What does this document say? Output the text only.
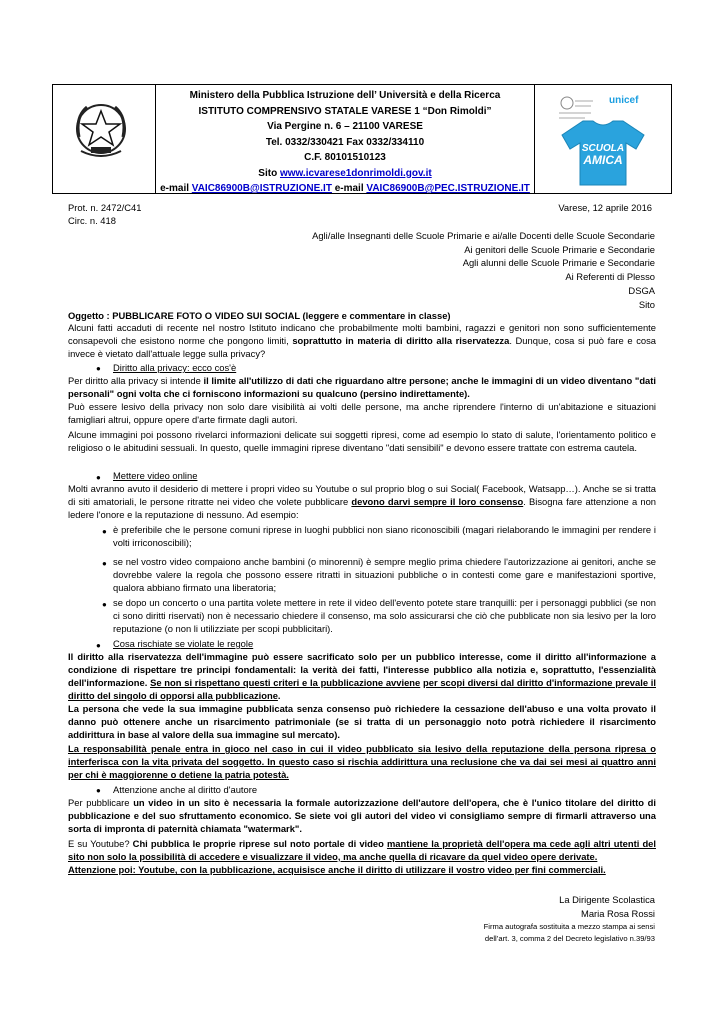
Ministero della Pubblica Istruzione dell’ Università e della Ricerca
ISTITUTO COMPRENSIVO STATALE VARESE 1 “Don Rimoldi”
Via Pergine n. 6 – 21100 VARESE
Tel. 0332/330421 Fax 0332/334110
C.F. 80101510123
Sito www.icvarese1donrimoldi.gov.it
e-mail VAIC86900B@ISTRUZIONE.IT e-mail VAIC86900B@PEC.ISTRUZIONE.IT
unicef
SCUOLA
AMICA
Prot. n. 2472/C41
Circ. n. 418
Varese, 12 aprile 2016
Agli/alle Insegnanti delle Scuole Primarie e ai/alle Docenti delle Scuole Secondarie
Ai genitori delle Scuole Primarie e Secondarie
Agli alunni delle Scuole Primarie e Secondarie
Ai Referenti di Plesso
DSGA
Sito
Oggetto : PUBBLICARE FOTO O VIDEO SUI SOCIAL (leggere e commentare in classe)
Alcuni fatti accaduti di recente nel nostro Istituto indicano che probabilmente molti bambini, ragazzi e genitori non sono sufficientemente consapevoli che esistono norme che pongono limiti, soprattutto in materia di diritto alla riservatezza. Dunque, cosa si può fare e cosa invece è vietato dall'attuale legge sulla privacy?
● Diritto alla privacy: ecco cos'è
Per diritto alla privacy si intende il limite all'utilizzo di dati che riguardano altre persone; anche le immagini di un video diventano "dati personali" ogni volta che ci forniscono informazioni su qualcuno (persino indirettamente).
Può essere lesivo della privacy non solo dare visibilità ai volti delle persone, ma anche riprendere l'interno di un'abitazione e situazioni famigliari altrui, oppure opere d'arte firmate dagli autori.
Alcune immagini poi possono rivelarci informazioni delicate sui soggetti ripresi, come ad esempio lo stato di salute, l'orientamento politico e religioso o le abitudini sessuali. In questo, quelle immagini riprese diventano "dati sensibili" e devono essere trattate con estrema cautela.
● Mettere video online
Molti avranno avuto il desiderio di mettere i propri video su Youtube o sul proprio blog o sui Social( Facebook, Watsapp…). Anche se si tratta di siti amatoriali, le persone ritratte nei video che volete pubblicare devono darvi sempre il loro consenso. Bisogna fare attenzione a non ledere l'onore e la reputazione di nessuno. Ad esempio:
● è preferibile che le persone comuni riprese in luoghi pubblici non siano riconoscibili (magari rielaborando le immagini per rendere i volti irriconoscibili);
● se nel vostro video compaiono anche bambini (o minorenni) è sempre meglio prima chiedere l'autorizzazione ai genitori, anche se dovrebbe valere la regola che possono essere ritratti in situazioni pubbliche o in contesti come gare e manifestazioni sportive, qualora abbiano firmato una liberatoria;
● se dopo un concerto o una partita volete mettere in rete il video dell'evento potete stare tranquilli: per i personaggi pubblici (se non ci sono diritti riservati) non è necessario chiedere il consenso, ma solo assicurarsi che ciò che pubblicate non sia lesivo per la loro reputazione (o non li utilizziate per scopi pubblicitari).
● Cosa rischiate se violate le regole
Il diritto alla riservatezza dell'immagine può essere sacrificato solo per un pubblico interesse, come il diritto all'informazione a condizione di rispettare tre principi fondamentali: la verità dei fatti, l'interesse pubblico alla notizia e, soprattutto, l'essenzialità dell'informazione. Se non si rispettano questi criteri e la pubblicazione avviene per scopi diversi dal diritto d'informazione prevale il diritto del singolo di opporsi alla pubblicazione.
La persona che vede la sua immagine pubblicata senza consenso può richiedere la cessazione dell'abuso e una volta provato il danno può ottenere anche un risarcimento patrimoniale (se si tratta di un personaggio noto potrà richiedere il risarcimento addirittura in base al valore della sua immagine sul mercato).
La responsabilità penale entra in gioco nel caso in cui il video pubblicato sia lesivo della reputazione della persona ripresa o interferisca con la vita privata del soggetto. In questo caso si rischia addirittura una reclusione che va dai sei mesi ai quattro anni per chi è maggiorenne o detiene la patria potestà.
● Attenzione anche al diritto d'autore
Per pubblicare un video in un sito è necessaria la formale autorizzazione dell'autore dell'opera, che è l'unico titolare del diritto di pubblicazione e del suo sfruttamento economico. Se siete voi gli autori del video vi consigliamo sempre di firmarli attraverso una sorta di impronta di paternità chiamata "watermark".
E su Youtube? Chi pubblica le proprie riprese sul noto portale di video mantiene la proprietà dell'opera ma cede agli altri utenti del sito non solo la possibilità di accedere e visualizzare il video, ma anche quella di ricavare da quel video opere derivate.
Attenzione poi: Youtube, con la pubblicazione, acquisisce anche il diritto di utilizzare il vostro video per fini commerciali.
La Dirigente Scolastica
Maria Rosa Rossi
Firma autografa sostituita a mezzo stampa ai sensi
dell’art. 3, comma 2 del Decreto legislativo n.39/93
